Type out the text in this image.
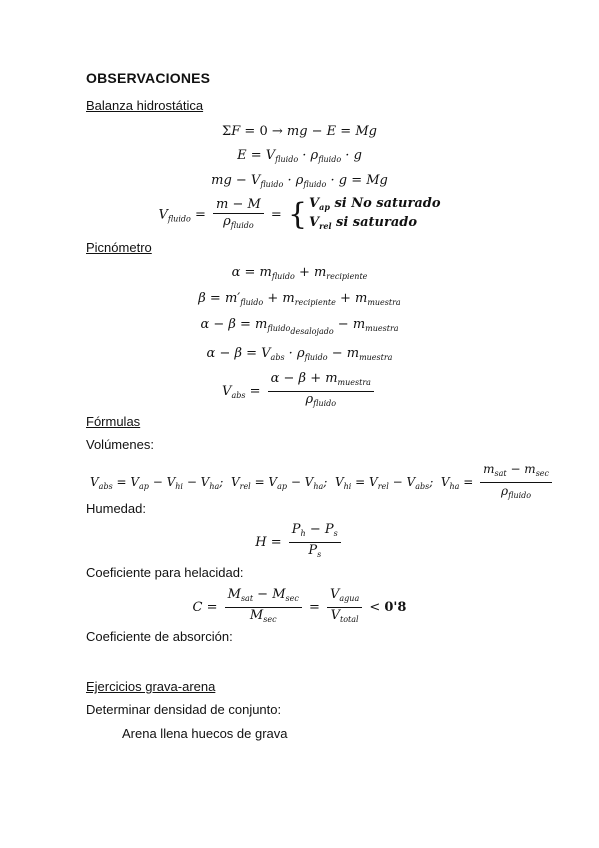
OBSERVACIONES
Balanza hidrostática
ΣF = 0 → mg − E = Mg
$E = V_{fluido} \cdot \rho_{fluido} \cdot g$
mg − $V_{fluido} \cdot \rho_{fluido} \cdot g = Mg$
$V_{fluido} = \frac{m - M}{\rho_{fluido}}$ = { $V_{ap}$ si No saturado
$V_{rel}$ si saturado
Picnómetro
$\alpha = m_{fluido} + m_{recipiente}$
$\beta = m'_{fluido} + m_{recipiente} + m_{muestra}$
$\alpha - \beta = m_{fluido_{desalojado}} - m_{muestra}$
$\alpha - \beta = V_{abs} \cdot \rho_{fluido} - m_{muestra}$
$V_{abs} = \frac{\alpha - \beta + m_{muestra}}{\rho_{fluido}}$
Fórmulas
Volúmenes:
$V_{abs} = V_{ap} - V_{hi} - V_{ha}$;  $V_{rel} = V_{ap} - V_{ha}$;  $V_{hi} = V_{rel} - V_{abs}$;  $V_{ha} = \frac{m_{sat} - m_{sec}}{\rho_{fluido}}$
Humedad:
$H = \frac{P_h - P_s}{P_s}$
Coeficiente para helacidad:
$C = \frac{M_{sat} - M_{sec}}{M_{sec}} = \frac{V_{agua}}{V_{total}} < 0'8$
Coeficiente de absorción:
Ejercicios grava-arena
Determinar densidad de conjunto:
Arena llena huecos de grava
